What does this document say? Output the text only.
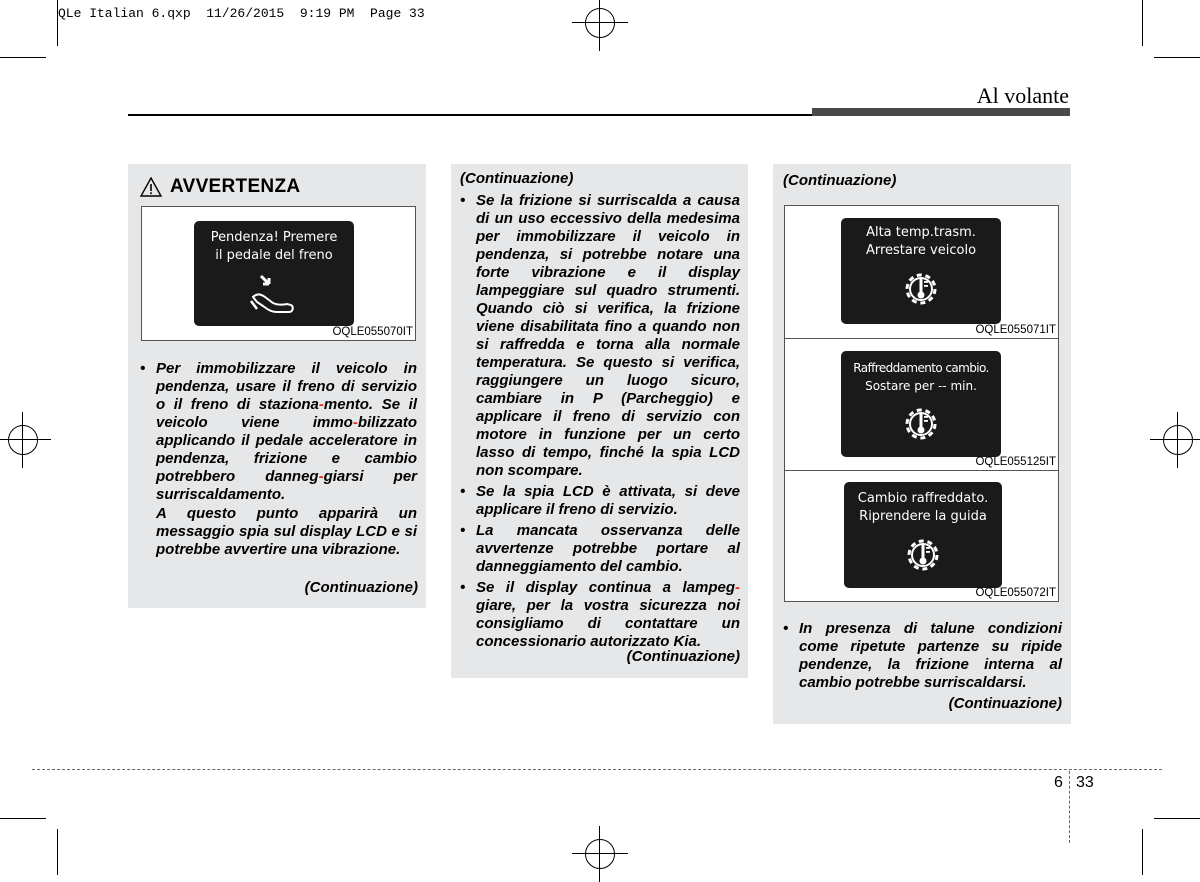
QLe Italian 6.qxp  11/26/2015  9:19 PM  Page 33
Al volante
AVVERTENZA
Pendenza! Premere
il pedale del freno
OQLE055070IT
• Per immobilizzare il veicolo in pendenza, usare il freno di servizio o il freno di staziona-mento. Se il veicolo viene immo-bilizzato applicando il pedale acceleratore in pendenza, frizione e cambio potrebbero danneg-giarsi per surriscaldamento.
A questo punto apparirà un messaggio spia sul display LCD e si potrebbe avvertire una vibrazione.
(Continuazione)
(Continuazione)
• Se la frizione si surriscalda a causa di un uso eccessivo della medesima per immobilizzare il veicolo in pendenza, si potrebbe notare una forte vibrazione e il display lampeggiare sul quadro strumenti. Quando ciò si verifica, la frizione viene disabilitata fino a quando non si raffredda e torna alla normale temperatura. Se questo si verifica, raggiungere un luogo sicuro, cambiare in P (Parcheggio) e applicare il freno di servizio con motore in funzione per un certo lasso di tempo, finché la spia LCD non scompare.
• Se la spia LCD è attivata, si deve applicare il freno di servizio.
• La mancata osservanza delle avvertenze potrebbe portare al danneggiamento del cambio.
• Se il display continua a lampeg-giare, per la vostra sicurezza noi consigliamo di contattare un concessionario autorizzato Kia.
(Continuazione)
(Continuazione)
Alta temp.trasm.
Arrestare veicolo
OQLE055071IT
Raffreddamento cambio.
Sostare per -- min.
OQLE055125IT
Cambio raffreddato.
Riprendere la guida
OQLE055072IT
• In presenza di talune condizioni come ripetute partenze su ripide pendenze, la frizione interna al cambio potrebbe surriscaldarsi.
(Continuazione)
6 33
